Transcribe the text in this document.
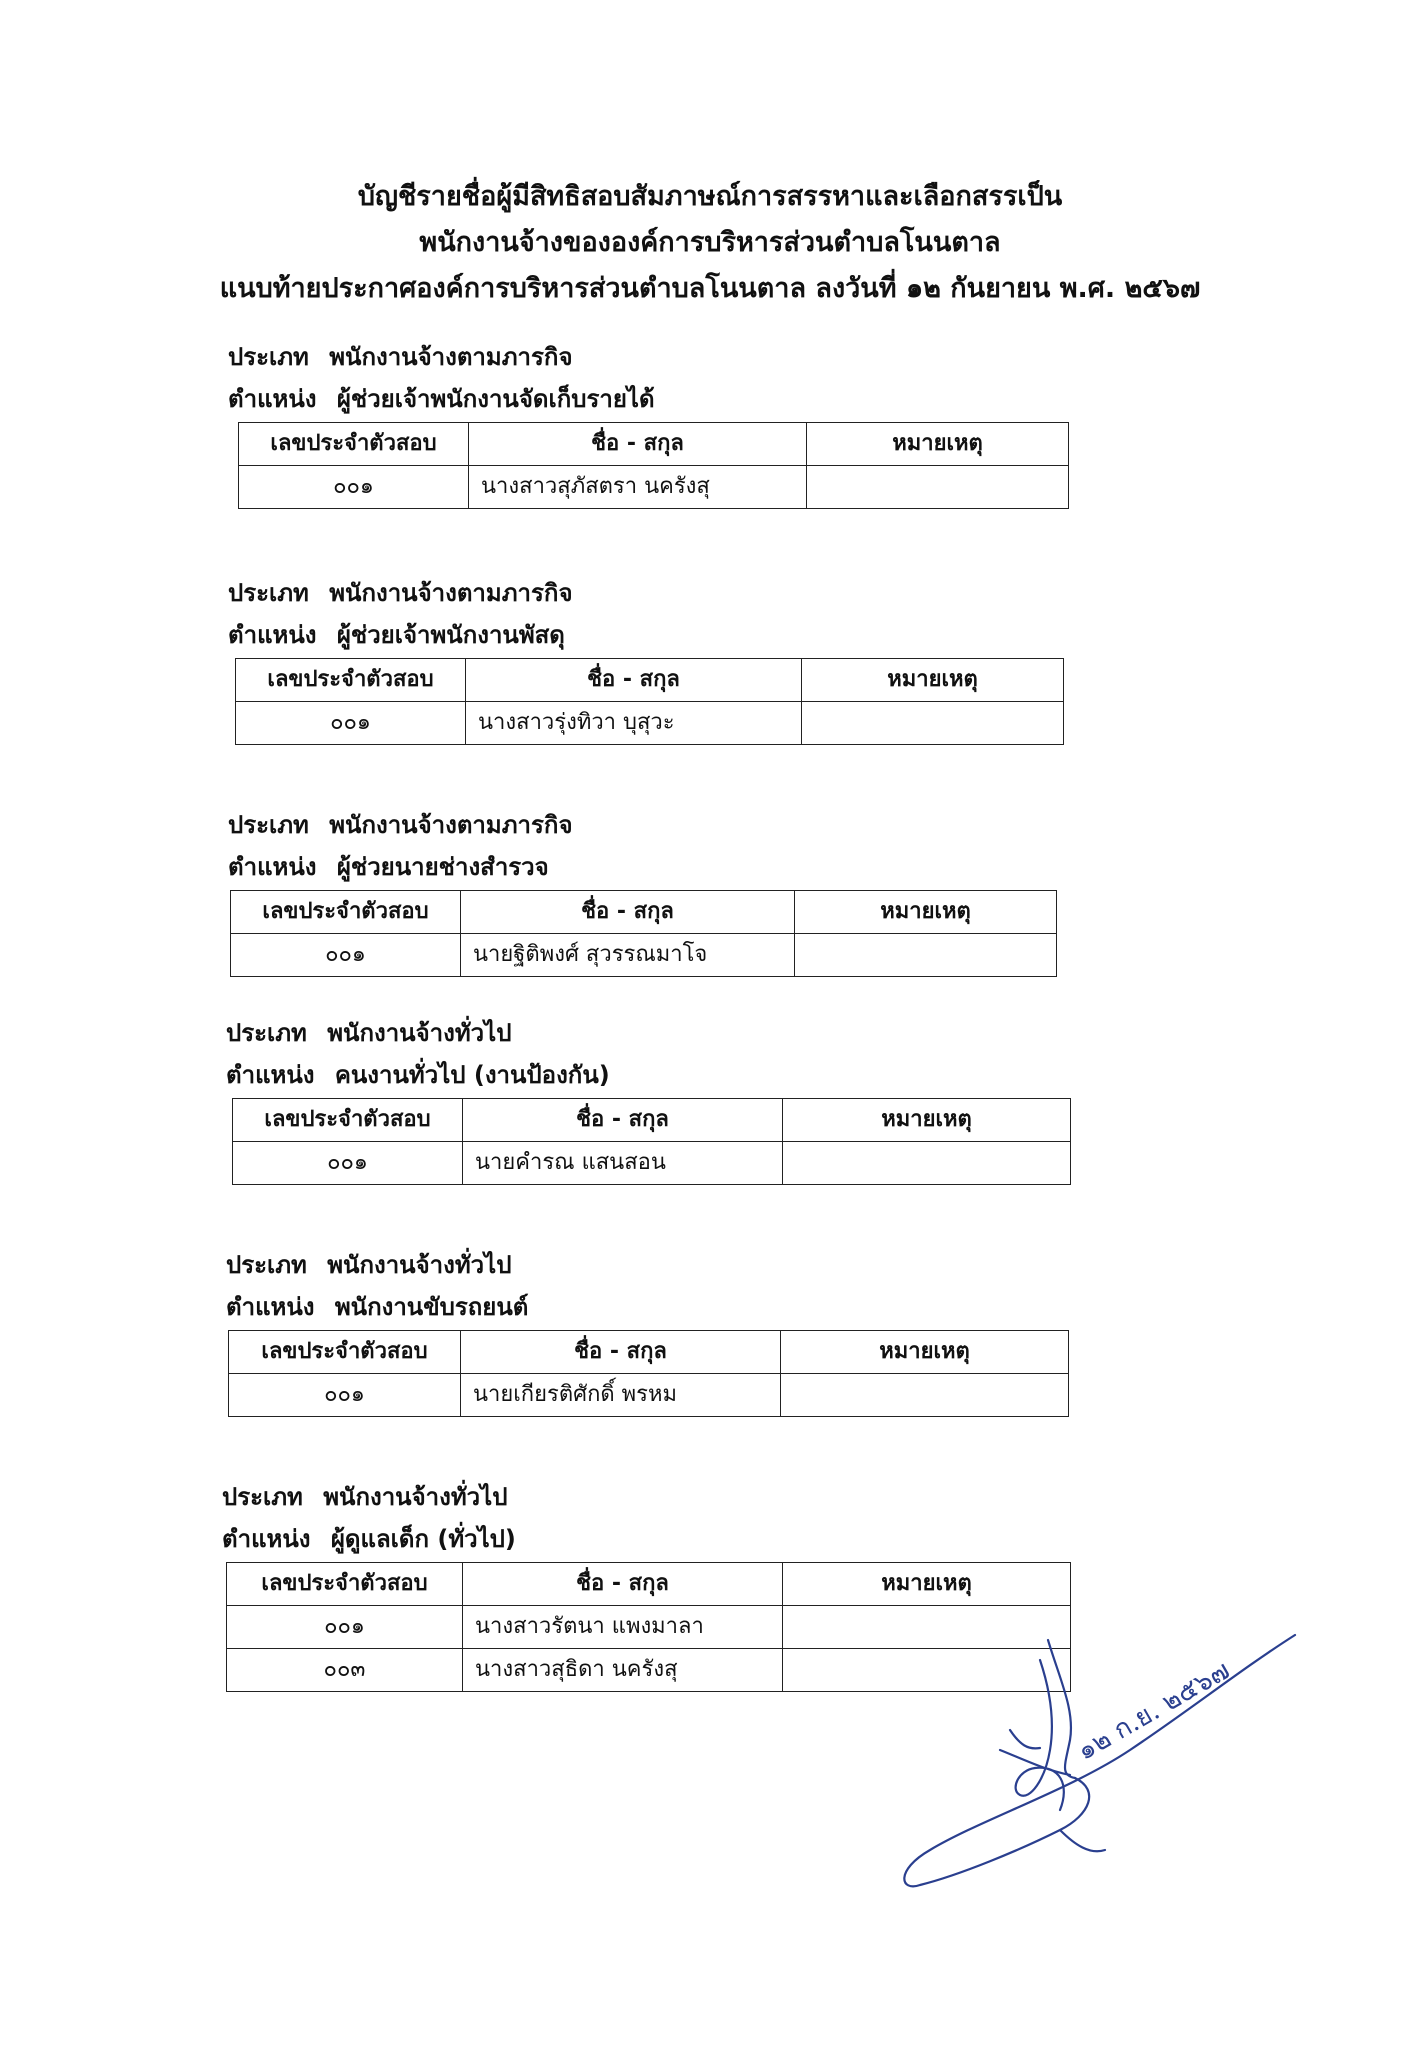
บัญชีรายชื่อผู้มีสิทธิสอบสัมภาษณ์การสรรหาและเลือกสรรเป็น
พนักงานจ้างขององค์การบริหารส่วนตำบลโนนตาล
แนบท้ายประกาศองค์การบริหารส่วนตำบลโนนตาล ลงวันที่ ๑๒ กันยายน พ.ศ. ๒๕๖๗
ประเภท พนักงานจ้างตามภารกิจ
ตำแหน่ง ผู้ช่วยเจ้าพนักงานจัดเก็บรายได้
เลขประจำตัวสอบ	ชื่อ - สกุล	หมายเหตุ
๐๐๑	นางสาวสุภัสตรา นครังสุ	
ประเภท พนักงานจ้างตามภารกิจ
ตำแหน่ง ผู้ช่วยเจ้าพนักงานพัสดุ
เลขประจำตัวสอบ	ชื่อ - สกุล	หมายเหตุ
๐๐๑	นางสาวรุ่งทิวา บุสุวะ	
ประเภท พนักงานจ้างตามภารกิจ
ตำแหน่ง ผู้ช่วยนายช่างสำรวจ
เลขประจำตัวสอบ	ชื่อ - สกุล	หมายเหตุ
๐๐๑	นายฐิติพงศ์ สุวรรณมาโจ	
ประเภท พนักงานจ้างทั่วไป
ตำแหน่ง คนงานทั่วไป (งานป้องกัน)
เลขประจำตัวสอบ	ชื่อ - สกุล	หมายเหตุ
๐๐๑	นายคำรณ แสนสอน	
ประเภท พนักงานจ้างทั่วไป
ตำแหน่ง พนักงานขับรถยนต์
เลขประจำตัวสอบ	ชื่อ - สกุล	หมายเหตุ
๐๐๑	นายเกียรติศักดิ์ พรหม	
ประเภท พนักงานจ้างทั่วไป
ตำแหน่ง ผู้ดูแลเด็ก (ทั่วไป)
เลขประจำตัวสอบ	ชื่อ - สกุล	หมายเหตุ
๐๐๑	นางสาวรัตนา แพงมาลา	
๐๐๓	นางสาวสุธิดา นครังสุ		๑๒ ก.ย. ๒๕๖๗
